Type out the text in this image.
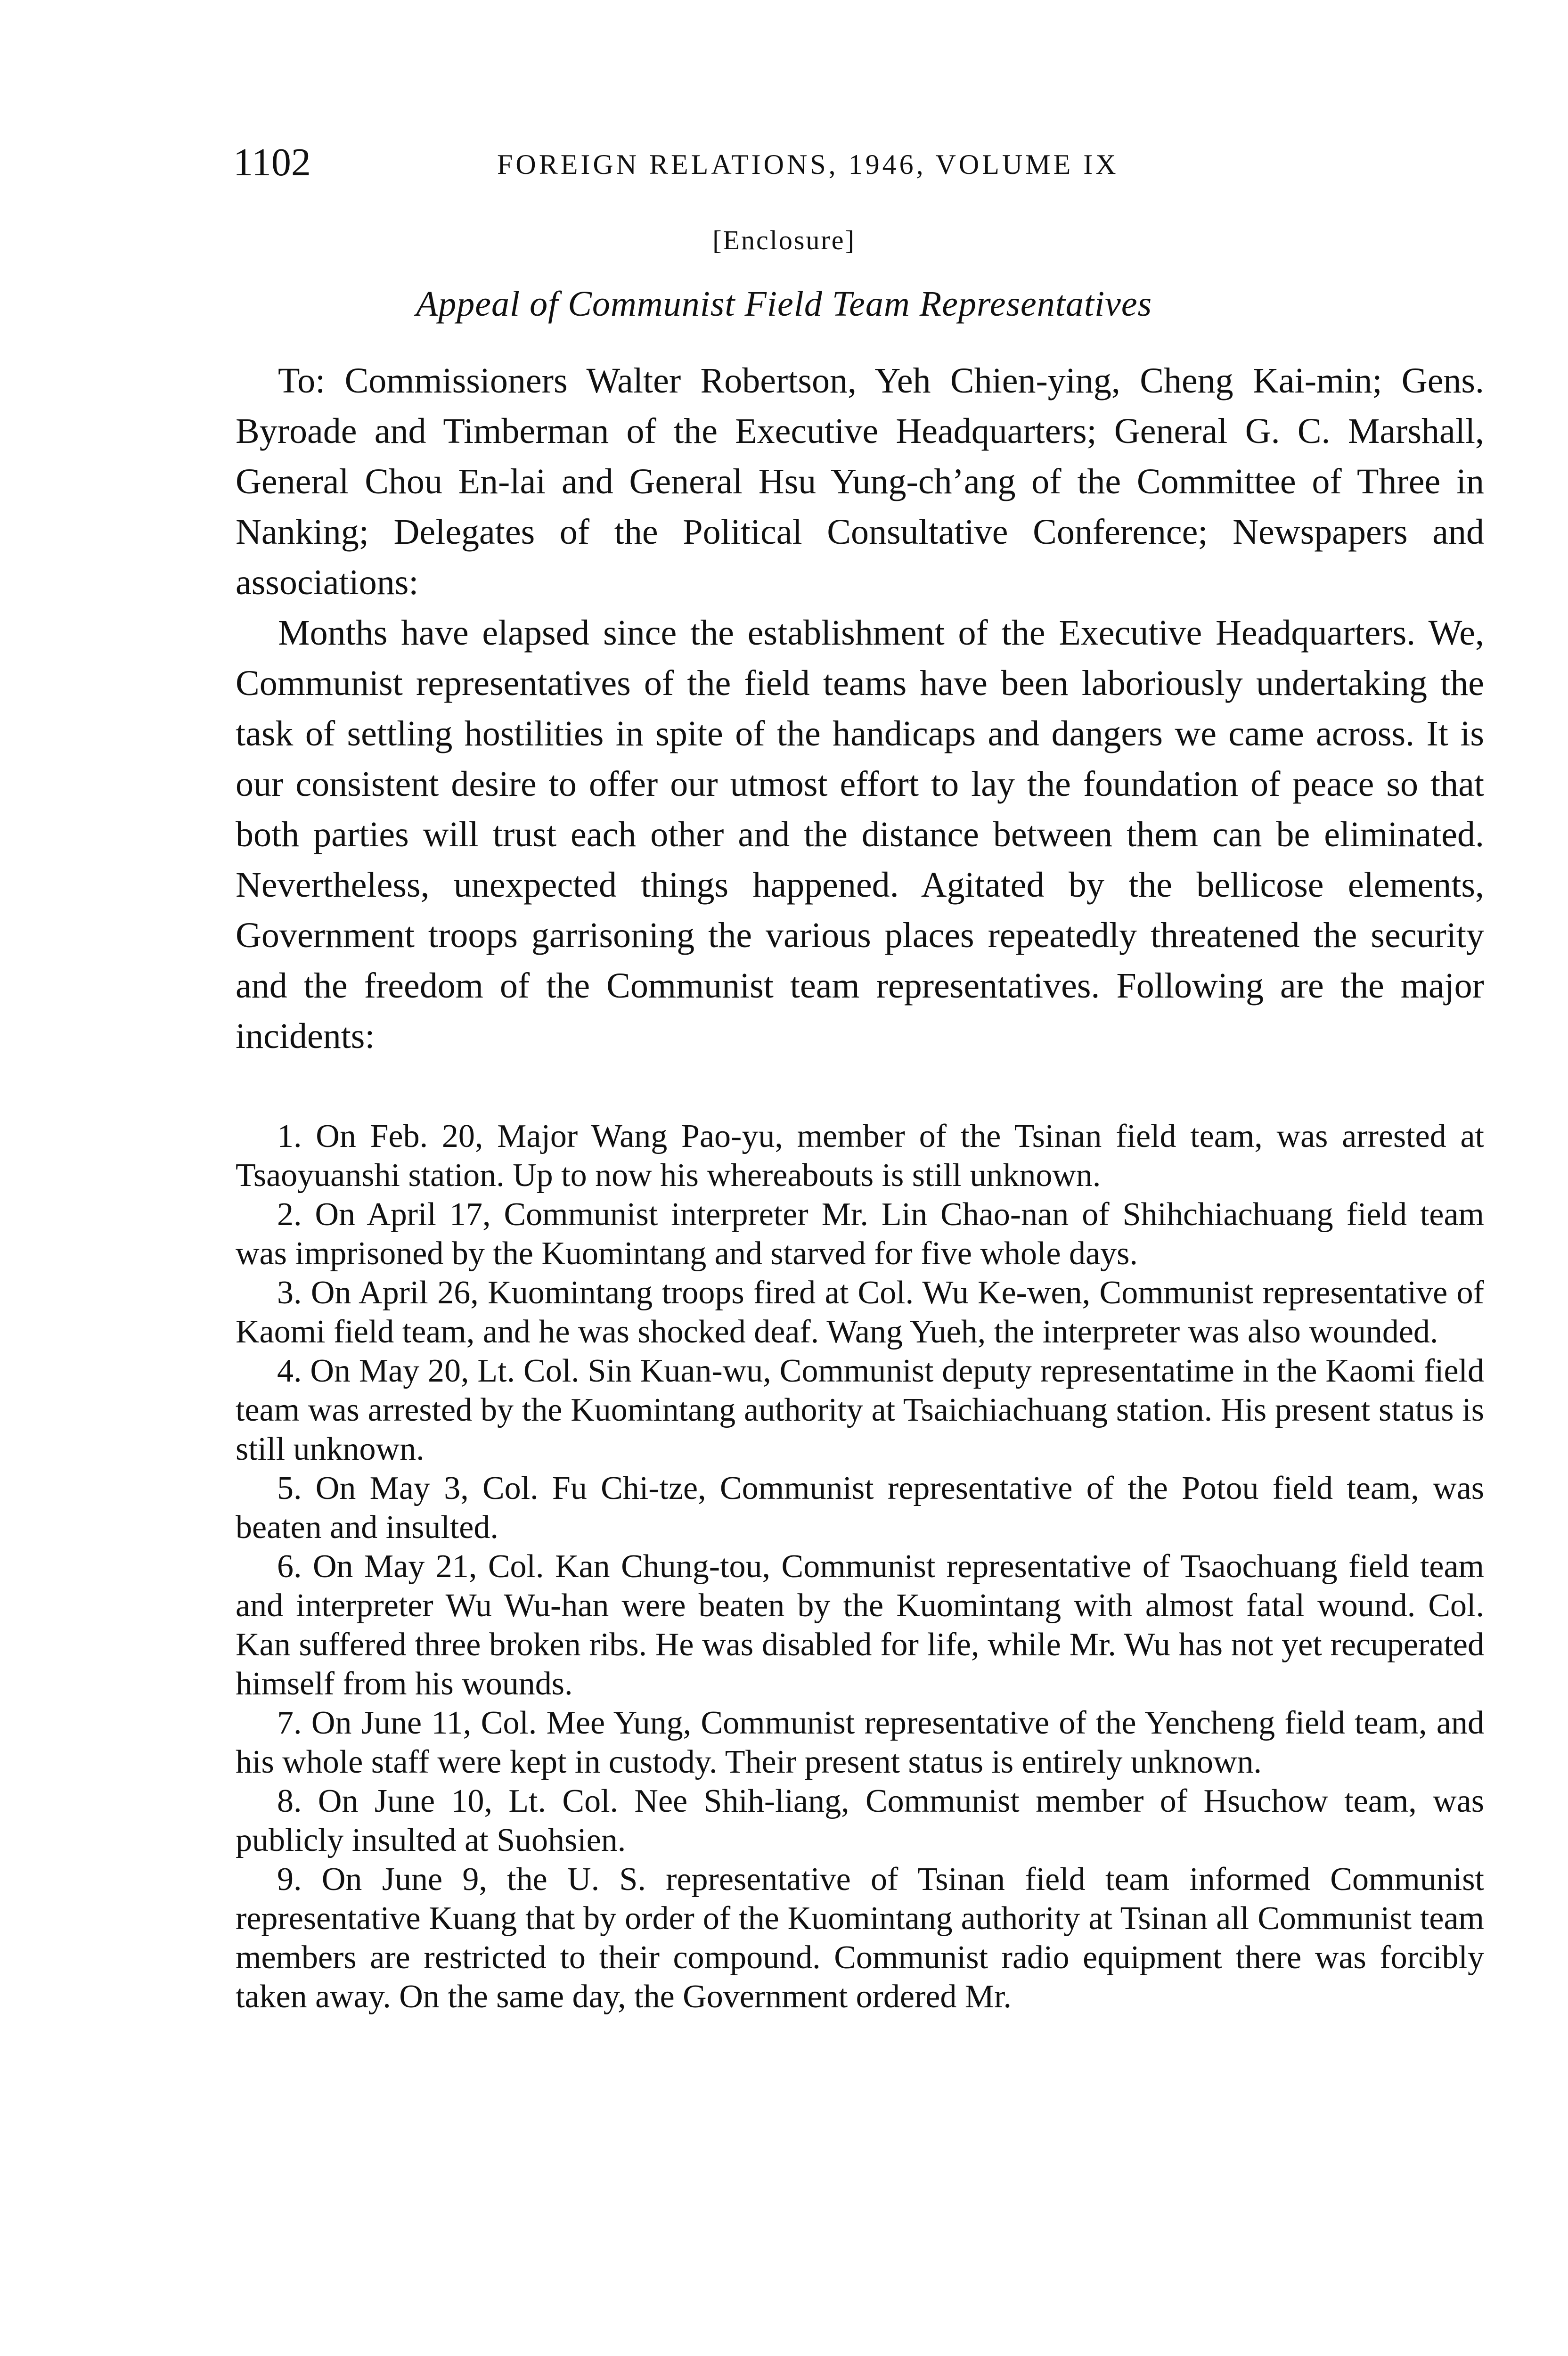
1102	FOREIGN RELATIONS, 1946, VOLUME IX
[Enclosure]
Appeal of Communist Field Team Representatives

To: Commissioners Walter Robertson, Yeh Chien-ying, Cheng Kai-min; Gens. Byroade and Timberman of the Executive Headquarters; General G. C. Marshall, General Chou En-lai and General Hsu Yung-ch’ang of the Committee of Three in Nanking; Delegates of the Political Consultative Conference; Newspapers and associations:

Months have elapsed since the establishment of the Executive Headquarters. We, Communist representatives of the field teams have been laboriously undertaking the task of settling hostilities in spite of the handicaps and dangers we came across. It is our consistent desire to offer our utmost effort to lay the foundation of peace so that both parties will trust each other and the distance between them can be eliminated. Nevertheless, unexpected things happened. Agitated by the bellicose elements, Government troops garrisoning the various places repeatedly threatened the security and the freedom of the Communist team representatives. Following are the major incidents:

1. On Feb. 20, Major Wang Pao-yu, member of the Tsinan field team, was arrested at Tsaoyuanshi station. Up to now his whereabouts is still unknown.

2. On April 17, Communist interpreter Mr. Lin Chao-nan of Shihchiachuang field team was imprisoned by the Kuomintang and starved for five whole days.

3. On April 26, Kuomintang troops fired at Col. Wu Ke-wen, Communist representative of Kaomi field team, and he was shocked deaf. Wang Yueh, the interpreter was also wounded.

4. On May 20, Lt. Col. Sin Kuan-wu, Communist deputy representatime in the Kaomi field team was arrested by the Kuomintang authority at Tsaichiachuang station. His present status is still unknown.

5. On May 3, Col. Fu Chi-tze, Communist representative of the Potou field team, was beaten and insulted.

6. On May 21, Col. Kan Chung-tou, Communist representative of Tsaochuang field team and interpreter Wu Wu-han were beaten by the Kuomintang with almost fatal wound. Col. Kan suffered three broken ribs. He was disabled for life, while Mr. Wu has not yet recuperated himself from his wounds.

7. On June 11, Col. Mee Yung, Communist representative of the Yencheng field team, and his whole staff were kept in custody. Their present status is entirely unknown.

8. On June 10, Lt. Col. Nee Shih-liang, Communist member of Hsuchow team, was publicly insulted at Suohsien.

9. On June 9, the U. S. representative of Tsinan field team informed Communist representative Kuang that by order of the Kuomintang authority at Tsinan all Communist team members are restricted to their compound. Communist radio equipment there was forcibly taken away. On the same day, the Government ordered Mr.
